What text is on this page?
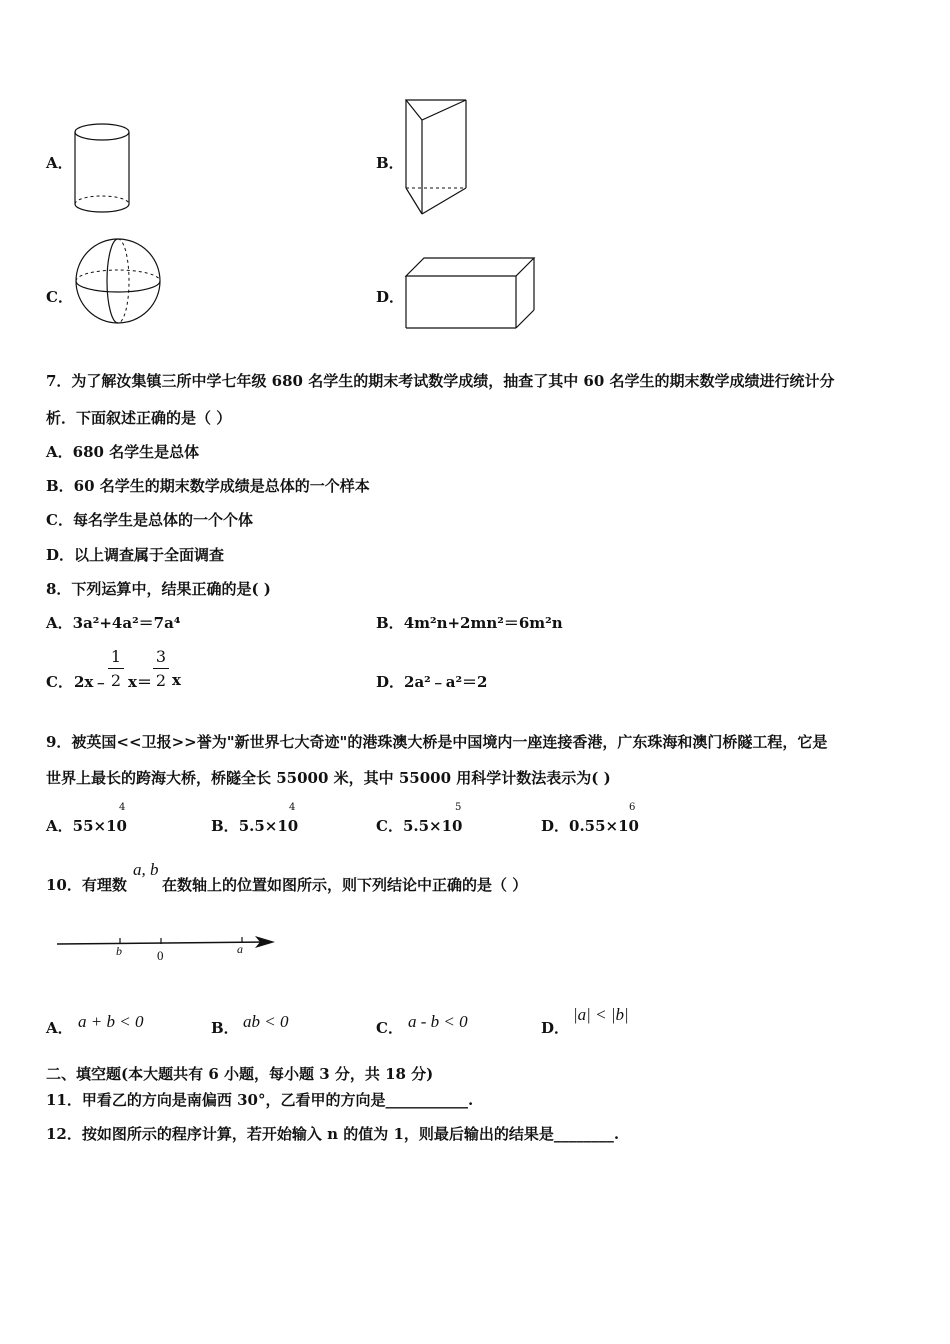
A．	B．
C．	D．
7．为了解汝集镇三所中学七年级 680 名学生的期末考试数学成绩，抽查了其中 60 名学生的期末数学成绩进行统计分
析．下面叙述正确的是（ ）
A．680 名学生是总体
B．60 名学生的期末数学成绩是总体的一个样本
C．每名学生是总体的一个个体
D．以上调查属于全面调查
8．下列运算中，结果正确的是( )
A．3a²+4a²＝7a⁴	B．4m²n+2mn²＝6m²n
C． 2x﹣
1
2 x＝
3
2 x	D．2a²﹣a²＝2
9．被英国<<卫报>>誉为"新世界七大奇迹"的港珠澳大桥是中国境内一座连接香港，广东珠海和澳门桥隧工程，它是
世界上最长的跨海大桥，桥隧全长 55000 米，其中 55000 用科学计数法表示为( )
A．55×10
4
B．5.5×10
4
C．5.5×10
5
D．0.55×10
6
10．有理数
a, b
在数轴上的位置如图所示，则下列结论中正确的是（ ）
b	0	a
A． a + b < 0	B． ab < 0	C． a - b < 0	D．
|a| < |b|
二、填空题(本大题共有 6 小题，每小题 3 分，共 18 分)
11．甲看乙的方向是南偏西 30°，乙看甲的方向是___________.
12．按如图所示的程序计算，若开始输入 n 的值为 1，则最后输出的结果是________.
